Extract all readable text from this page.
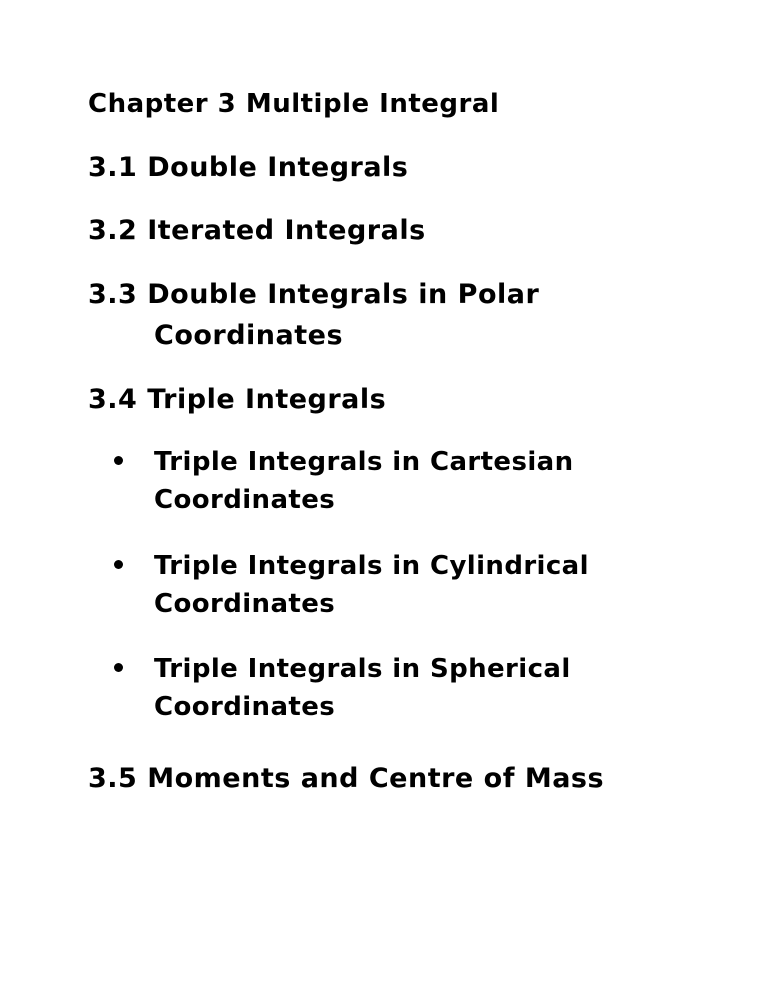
Chapter 3 Multiple Integral
3.1 Double Integrals
3.2 Iterated Integrals
3.3 Double Integrals in Polar
Coordinates
3.4 Triple Integrals
Triple Integrals in Cartesian
Coordinates
Triple Integrals in Cylindrical
Coordinates
Triple Integrals in Spherical
Coordinates
3.5 Moments and Centre of Mass
